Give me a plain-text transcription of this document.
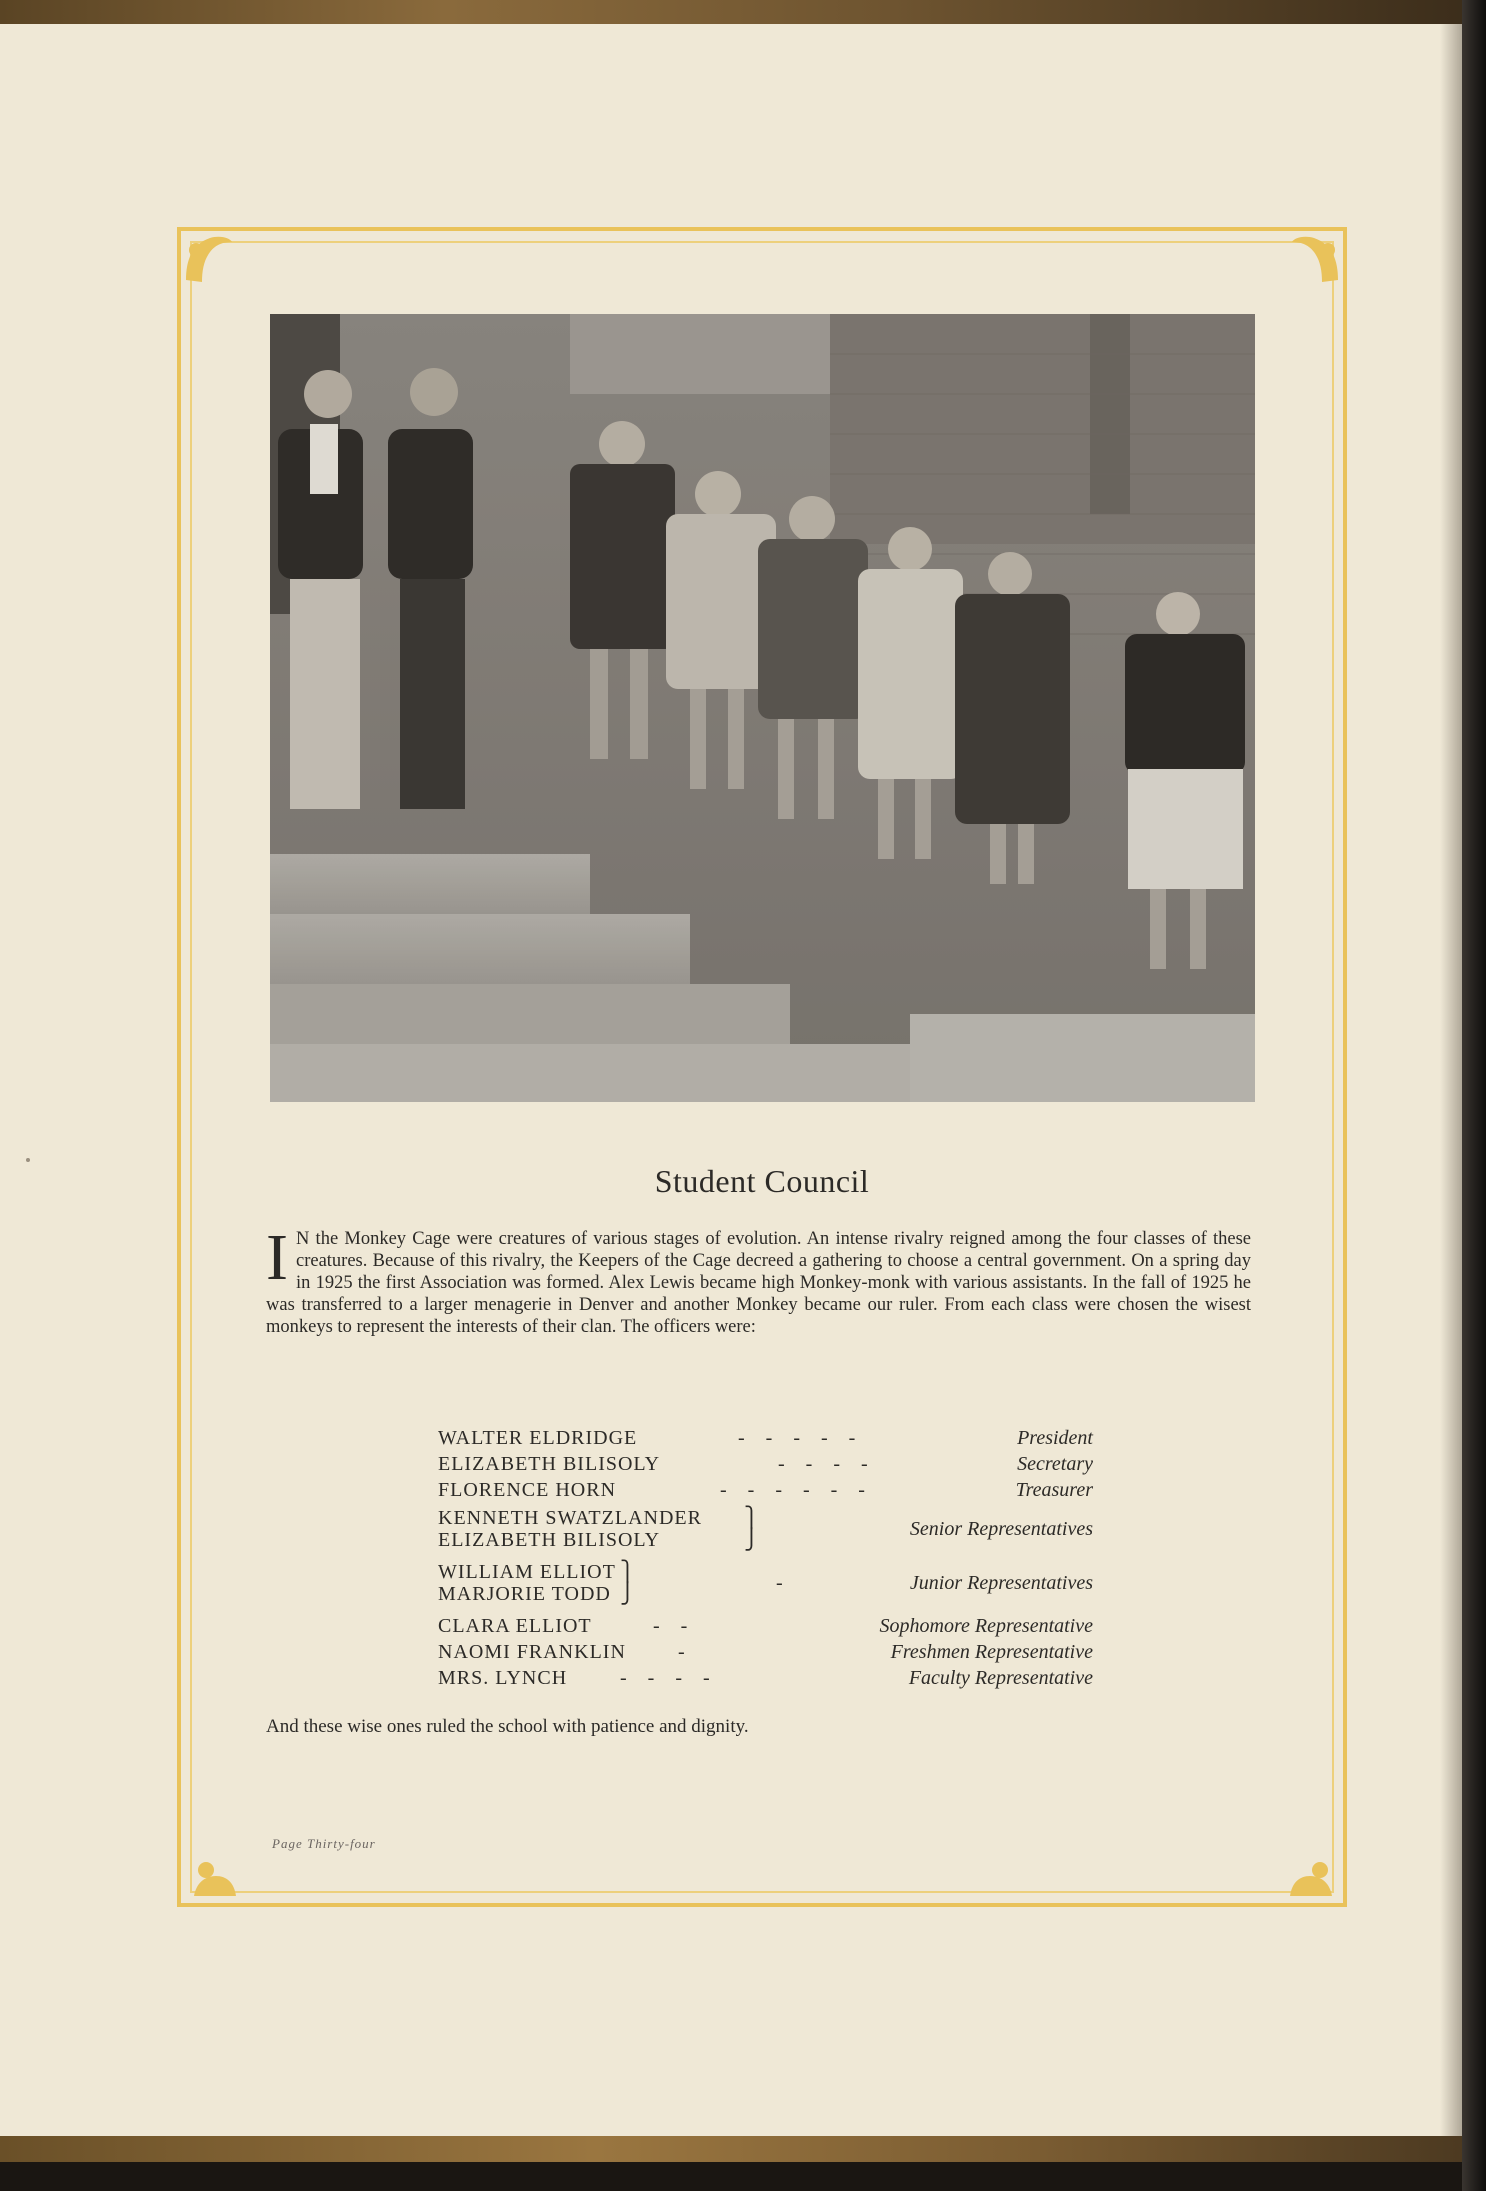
Student Council
I N the Monkey Cage were creatures of various stages of evolution. An intense rivalry reigned among the four classes of these creatures. Because of this rivalry, the Keepers of the Cage decreed a gathering to choose a central government. On a spring day in 1925 the first Association was formed. Alex Lewis became high Monkey-monk with various assistants. In the fall of 1925 he was transferred to a larger menagerie in Denver and another Monkey became our ruler. From each class were chosen the wisest monkeys to represent the interests of their clan. The officers were:
WALTER ELDRIDGE	- - - - -	President
ELIZABETH BILISOLY	- - - -	Secretary
FLORENCE HORN	- - - - - -	Treasurer
KENNETH SWATZLANDER
ELIZABETH BILISOLY
⎫
⎭	Senior Representatives
WILLIAM ELLIOT
MARJORIE TODD
⎫
⎭	-	Junior Representatives
CLARA ELLIOT	- -	Sophomore Representative
NAOMI FRANKLIN	-	Freshmen Representative
MRS. LYNCH	- - - -	Faculty Representative
And these wise ones ruled the school with patience and dignity.
Page Thirty-four
